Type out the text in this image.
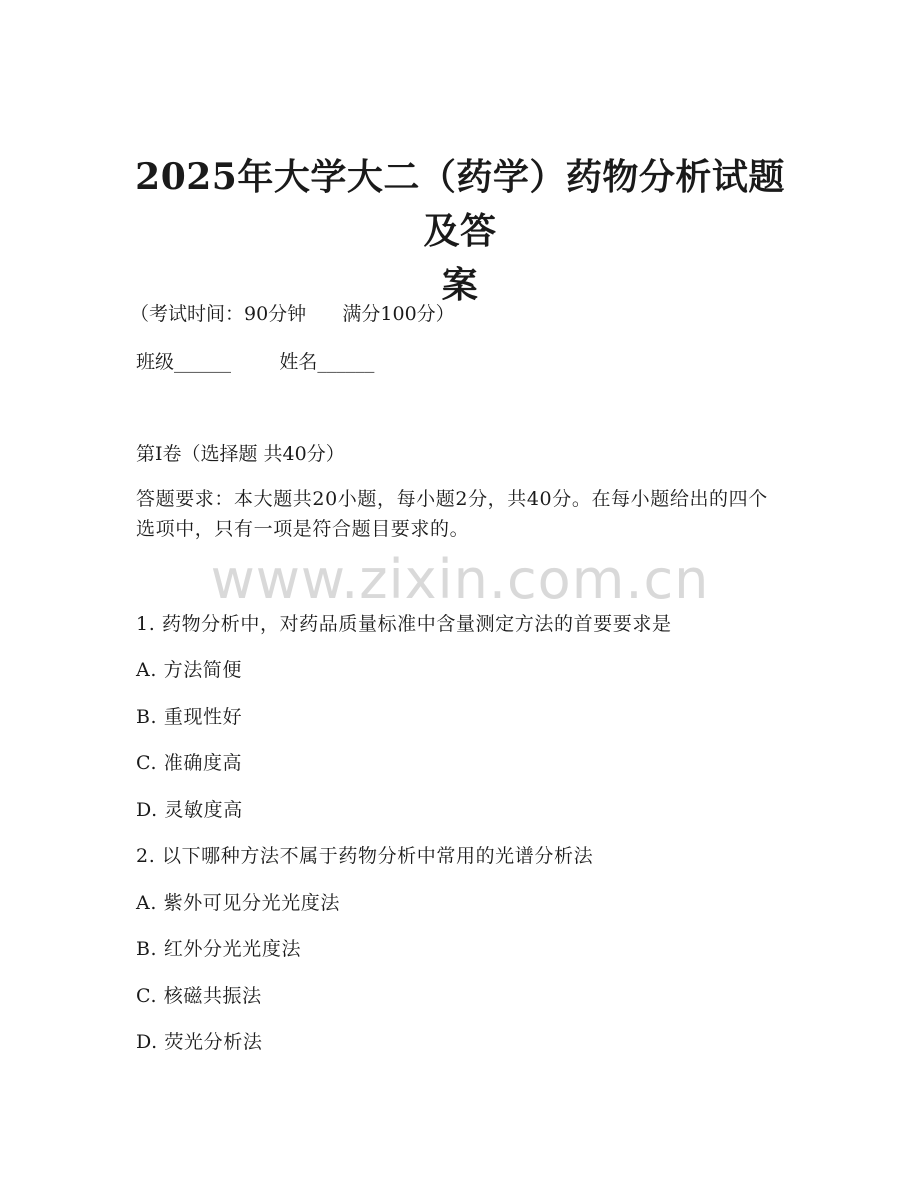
2025年大学大二（药学）药物分析试题及答
案
（考试时间：90分钟      满分100分）
班级______        姓名______
第Ⅰ卷（选择题 共40分）
答题要求：本大题共20小题，每小题2分，共40分。在每小题给出的四个选项中，只有一项是符合题目要求的。
www.zixin.com.cn
1. 药物分析中，对药品质量标准中含量测定方法的首要要求是
A. 方法简便
B. 重现性好
C. 准确度高
D. 灵敏度高
2. 以下哪种方法不属于药物分析中常用的光谱分析法
A. 紫外可见分光光度法
B. 红外分光光度法
C. 核磁共振法
D. 荧光分析法
